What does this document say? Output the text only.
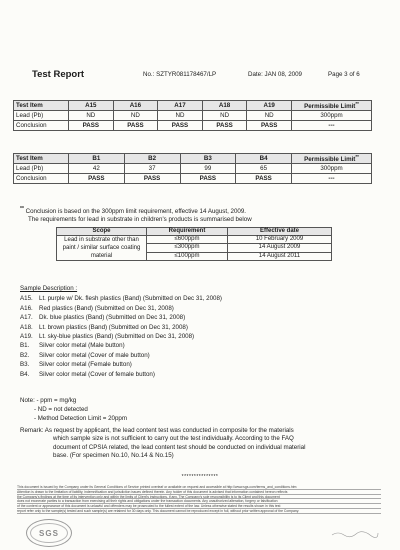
Test Report	No.: SZTYR081178467/LP	Date: JAN 08, 2009	Page 3 of 6
Test Item	A15	A16	A17	A18	A19	Permissible Limit**
Lead (Pb)	ND	ND	ND	ND	ND	300ppm
Conclusion	PASS	PASS	PASS	PASS	PASS	---
Test Item	B1	B2	B3	B4	Permissible Limit**
Lead (Pb)	42	37	99	65	300ppm
Conclusion	PASS	PASS	PASS	PASS	---
** Conclusion is based on the 300ppm limit requirement, effective 14 August, 2009.
The requirements for lead in substrate in children's products is summarised below
Scope	Requirement	Effective date
Lead in substrate other than paint / similar surface coating material	≤600ppm	10 February 2009
	≤300ppm	14 August 2009
	≤100ppm	14 August 2011
Sample Description :
A15.	Lt. purple w/ Dk. flesh plastics (Band) (Submitted on Dec 31, 2008)
A16.	Red plastics (Band) (Submitted on Dec 31, 2008)
A17.	Dk. blue plastics (Band) (Submitted on Dec 31, 2008)
A18.	Lt. brown plastics (Band) (Submitted on Dec 31, 2008)
A19.	Lt. sky-blue plastics (Band) (Submitted on Dec 31, 2008)
B1.	Silver color metal (Male button)
B2.	Silver color metal (Cover of male button)
B3.	Silver color metal (Female button)
B4.	Silver color metal (Cover of female button)
Note: - ppm = mg/kg
- ND = not detected
- Method Detection Limit = 20ppm
Remark: As request by applicant, the lead content test was conducted in composite for the materials
which sample size is not sufficient to carry out the test individually. According to the FAQ
document of CPSIA related, the lead content test should be conducted on individual material
base. (For specimen No.10, No.14 & No.15)
***************
This document is issued by the Company under its General Conditions of Service printed overleaf or available on request and accessible at http://www.sgs.com/terms_and_conditions.htm
Attention is drawn to the limitation of liability, indemnification and jurisdiction issues defined therein. Any holder of this document is advised that information contained hereon reflects
the Company's findings at the time of its intervention only and within the limits of Client's instructions, if any. The Company's sole responsibility is to its Client and this document
does not exonerate parties to a transaction from exercising all their rights and obligations under the transaction documents. Any unauthorized alteration, forgery or falsification
of the content or appearance of this document is unlawful and offenders may be prosecuted to the fullest extent of the law. Unless otherwise stated the results shown in this test
report refer only to the sample(s) tested and such sample(s) are retained for 30 days only. This document cannot be reproduced except in full, without prior written approval of the Company.
SGS
